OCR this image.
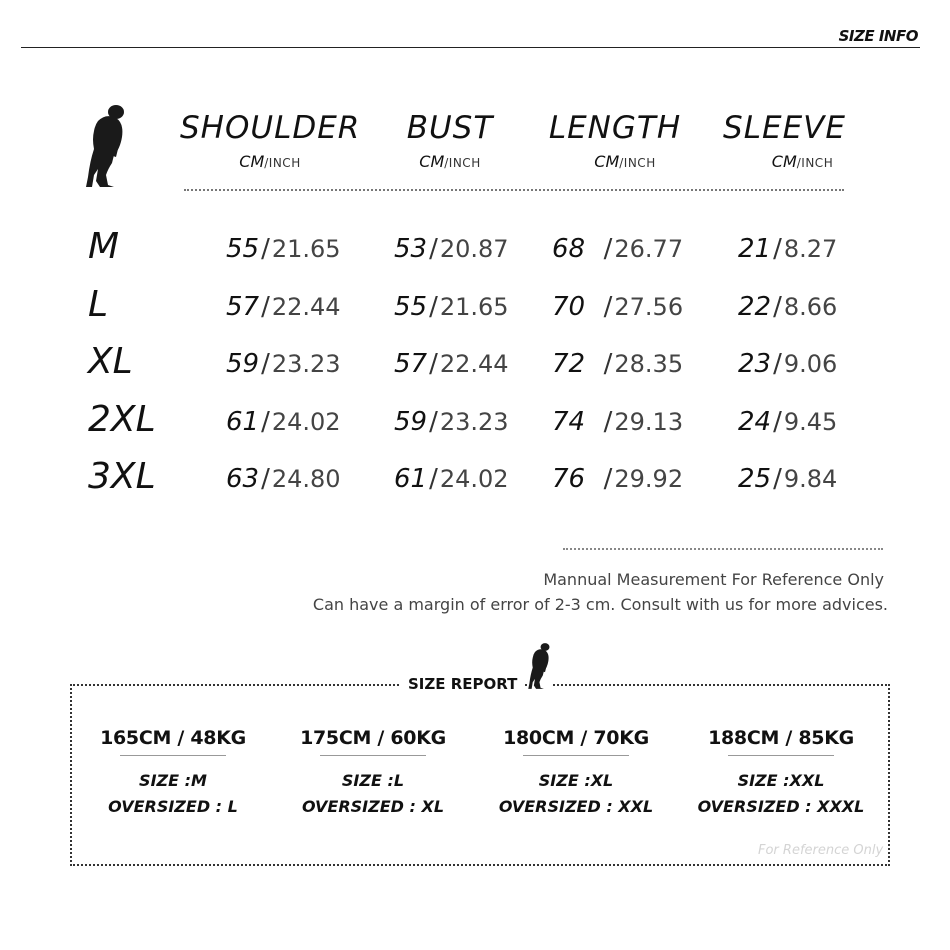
SIZE INFO
SHOULDER	BUST	LENGTH SLEEVE
CM/INCH	CM/INCH	CM/INCH	CM/INCH
M	55/21.65 53/20.87 68  /26.77 21/8.27
L	57/22.44 55/21.65 70  /27.56 22/8.66
XL	59/23.23 57/22.44 72  /28.35 23/9.06
2XL	61/24.02 59/23.23 74  /29.13 24/9.45
3XL	63/24.80 61/24.02 76  /29.92 25/9.84
Mannual Measurement For Reference Only
Can have a margin of error of 2-3 cm. Consult with us for more advices.
SIZE REPORT
165CM / 48KG
SIZE :M
OVERSIZED : L
175CM / 60KG
SIZE :L
OVERSIZED : XL
180CM / 70KG
SIZE :XL
OVERSIZED : XXL
188CM / 85KG
SIZE :XXL
OVERSIZED : XXXL
For Reference Only
